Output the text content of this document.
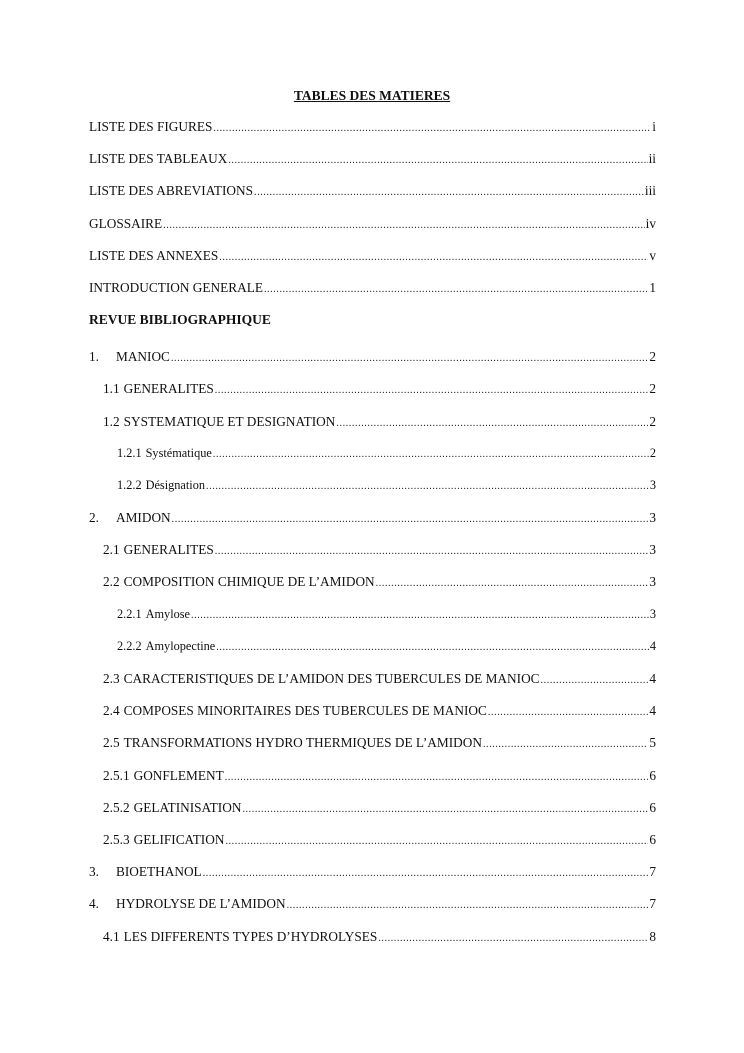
TABLES DES MATIERES
LISTE DES FIGURES .....	i
LISTE DES TABLEAUX .....	ii
LISTE DES ABREVIATIONS .....	iii
GLOSSAIRE .....	iv
LISTE DES ANNEXES .....	v
INTRODUCTION GENERALE .....	1
REVUE BIBLIOGRAPHIQUE
1.	MANIOC .....	2
1.1 GENERALITES .....	2
1.2 SYSTEMATIQUE ET DESIGNATION .....	2
1.2.1 Systématique .....	2
1.2.2 Désignation .....	3
2.	AMIDON .....	3
2.1 GENERALITES .....	3
2.2 COMPOSITION CHIMIQUE DE L’AMIDON .....	3
2.2.1 Amylose .....	3
2.2.2 Amylopectine .....	4
2.3 CARACTERISTIQUES DE L’AMIDON DES TUBERCULES DE MANIOC .....	4
2.4 COMPOSES MINORITAIRES DES TUBERCULES DE MANIOC .....	4
2.5 TRANSFORMATIONS HYDRO THERMIQUES DE L’AMIDON .....	5
2.5.1 GONFLEMENT .....	6
2.5.2 GELATINISATION .....	6
2.5.3 GELIFICATION .....	6
3.	BIOETHANOL .....	7
4.	HYDROLYSE DE L’AMIDON .....	7
4.1 LES DIFFERENTS TYPES D’HYDROLYSES .....	8
